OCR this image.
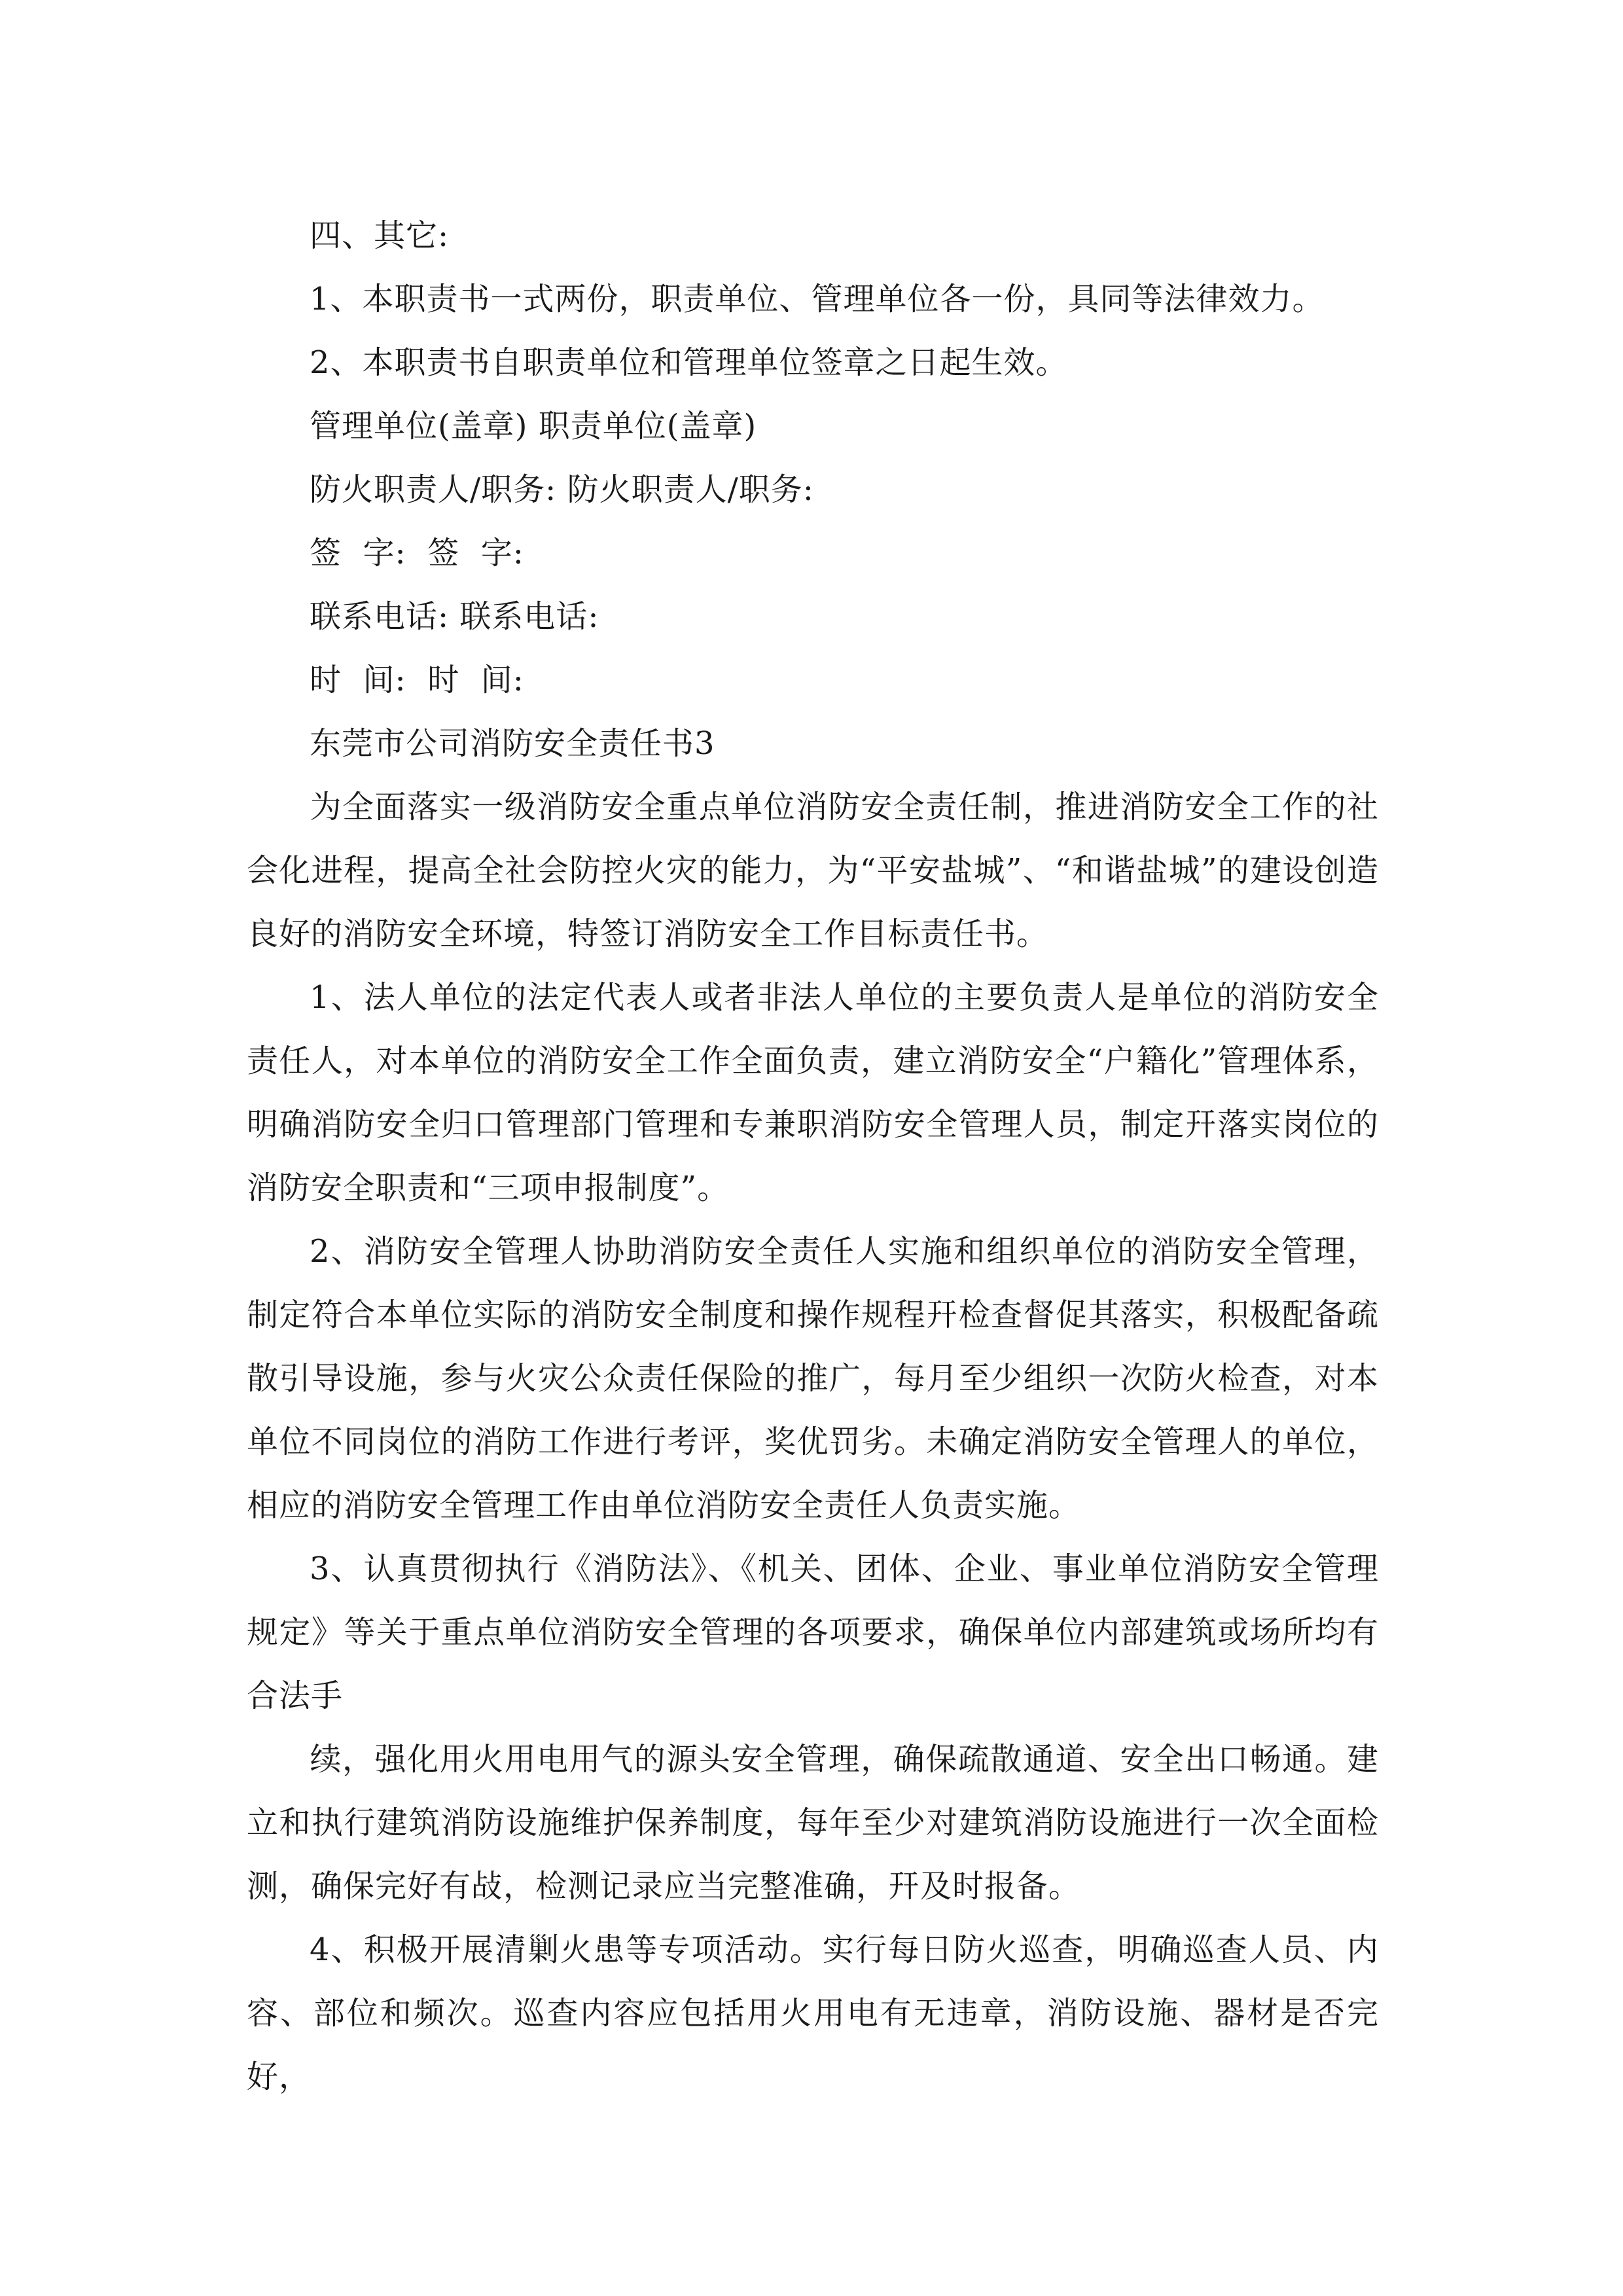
四、其它:
1、本职责书一式两份，职责单位、管理单位各一份，具同等法律效力。
2、本职责书自职责单位和管理单位签章之日起生效。
管理单位(盖章) 职责单位(盖章)
防火职责人/职务: 防火职责人/职务:
签  字:  签  字:
联系电话: 联系电话:
时  间:  时  间:
东莞市公司消防安全责任书3

为全面落实一级消防安全重点单位消防安全责任制，推进消防安全工作的社会化进程，提高全社会防控火灾的能力，为“平安盐城”、“和谐盐城”的建设创造良好的消防安全环境，特签订消防安全工作目标责任书。

1、法人单位的法定代表人或者非法人单位的主要负责人是单位的消防安全责任人，对本单位的消防安全工作全面负责，建立消防安全“户籍化”管理体系，明确消防安全归口管理部门管理和专兼职消防安全管理人员，制定幵落实岗位的消防安全职责和“三项申报制度”。

2、消防安全管理人协助消防安全责任人实施和组织单位的消防安全管理，制定符合本单位实际的消防安全制度和操作规程幵检查督促其落实，积极配备疏散引导设施，参与火灾公众责任保险的推广，每月至少组织一次防火检查，对本单位不同岗位的消防工作进行考评，奖优罚劣。未确定消防安全管理人的单位，相应的消防安全管理工作由单位消防安全责任人负责实施。

3、认真贯彻执行《消防法》、《机关、团体、企业、事业单位消防安全管理规定》等关于重点单位消防安全管理的各项要求，确保单位内部建筑或场所均有合法手

续，强化用火用电用气的源头安全管理，确保疏散通道、安全出口畅通。建立和执行建筑消防设施维护保养制度，每年至少对建筑消防设施进行一次全面检测，确保完好有敁，检测记录应当完整准确，幵及时报备。

4、积极开展清剿火患等专项活动。实行每日防火巡查，明确巡查人员、内容、部位和频次。巡查内容应包括用火用电有无违章，消防设施、器材是否完好，
